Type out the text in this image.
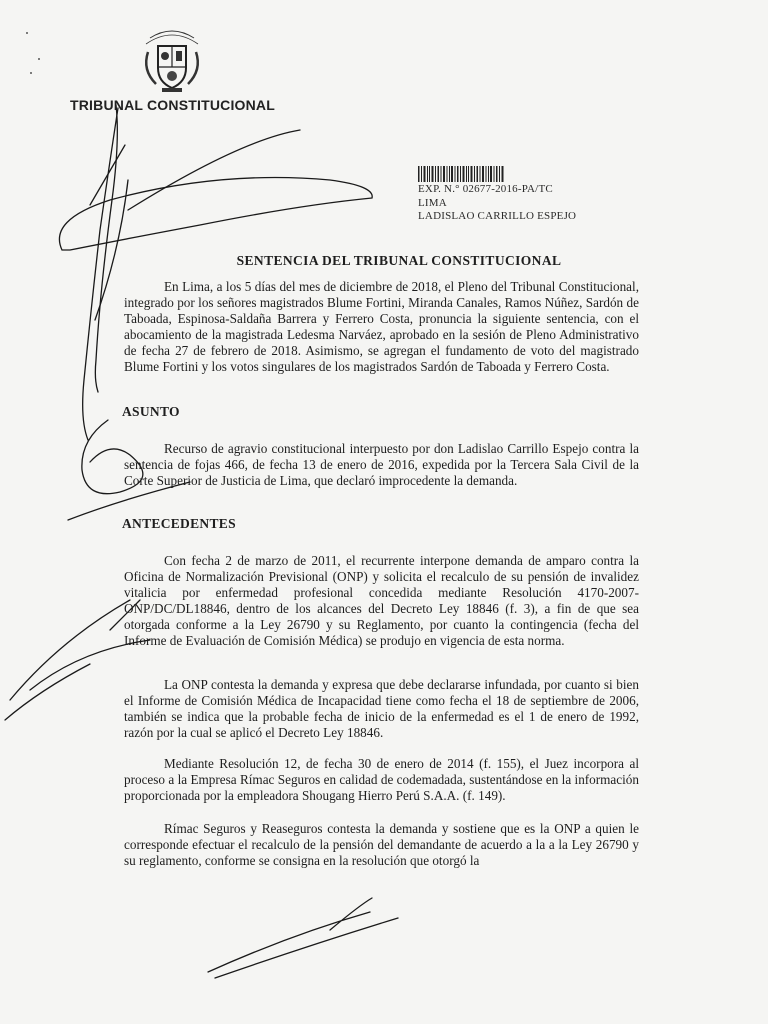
TRIBUNAL CONSTITUCIONAL
EXP. N.° 02677-2016-PA/TC
LIMA
LADISLAO CARRILLO ESPEJO
SENTENCIA DEL TRIBUNAL CONSTITUCIONAL

En Lima, a los 5 días del mes de diciembre de 2018, el Pleno del Tribunal Constitucional, integrado por los señores magistrados Blume Fortini, Miranda Canales, Ramos Núñez, Sardón de Taboada, Espinosa-Saldaña Barrera y Ferrero Costa, pronuncia la siguiente sentencia, con el abocamiento de la magistrada Ledesma Narváez, aprobado en la sesión de Pleno Administrativo de fecha 27 de febrero de 2018. Asimismo, se agregan el fundamento de voto del magistrado Blume Fortini y los votos singulares de los magistrados Sardón de Taboada y Ferrero Costa.

ASUNTO

Recurso de agravio constitucional interpuesto por don Ladislao Carrillo Espejo contra la sentencia de fojas 466, de fecha 13 de enero de 2016, expedida por la Tercera Sala Civil de la Corte Superior de Justicia de Lima, que declaró improcedente la demanda.

ANTECEDENTES

Con fecha 2 de marzo de 2011, el recurrente interpone demanda de amparo contra la Oficina de Normalización Previsional (ONP) y solicita el recalculo de su pensión de invalidez vitalicia por enfermedad profesional concedida mediante Resolución 4170-2007-ONP/DC/DL18846, dentro de los alcances del Decreto Ley 18846 (f. 3), a fin de que sea otorgada conforme a la Ley 26790 y su Reglamento, por cuanto la contingencia (fecha del Informe de Evaluación de Comisión Médica) se produjo en vigencia de esta norma.

La ONP contesta la demanda y expresa que debe declararse infundada, por cuanto si bien el Informe de Comisión Médica de Incapacidad tiene como fecha el 18 de septiembre de 2006, también se indica que la probable fecha de inicio de la enfermedad es el 1 de enero de 1992, razón por la cual se aplicó el Decreto Ley 18846.

Mediante Resolución 12, de fecha 30 de enero de 2014 (f. 155), el Juez incorpora al proceso a la Empresa Rímac Seguros en calidad de codemadada, sustentándose en la información proporcionada por la empleadora Shougang Hierro Perú S.A.A. (f. 149).

Rímac Seguros y Reaseguros contesta la demanda y sostiene que es la ONP a quien le corresponde efectuar el recalculo de la pensión del demandante de acuerdo a la a la Ley 26790 y su reglamento, conforme se consigna en la resolución que otorgó la
